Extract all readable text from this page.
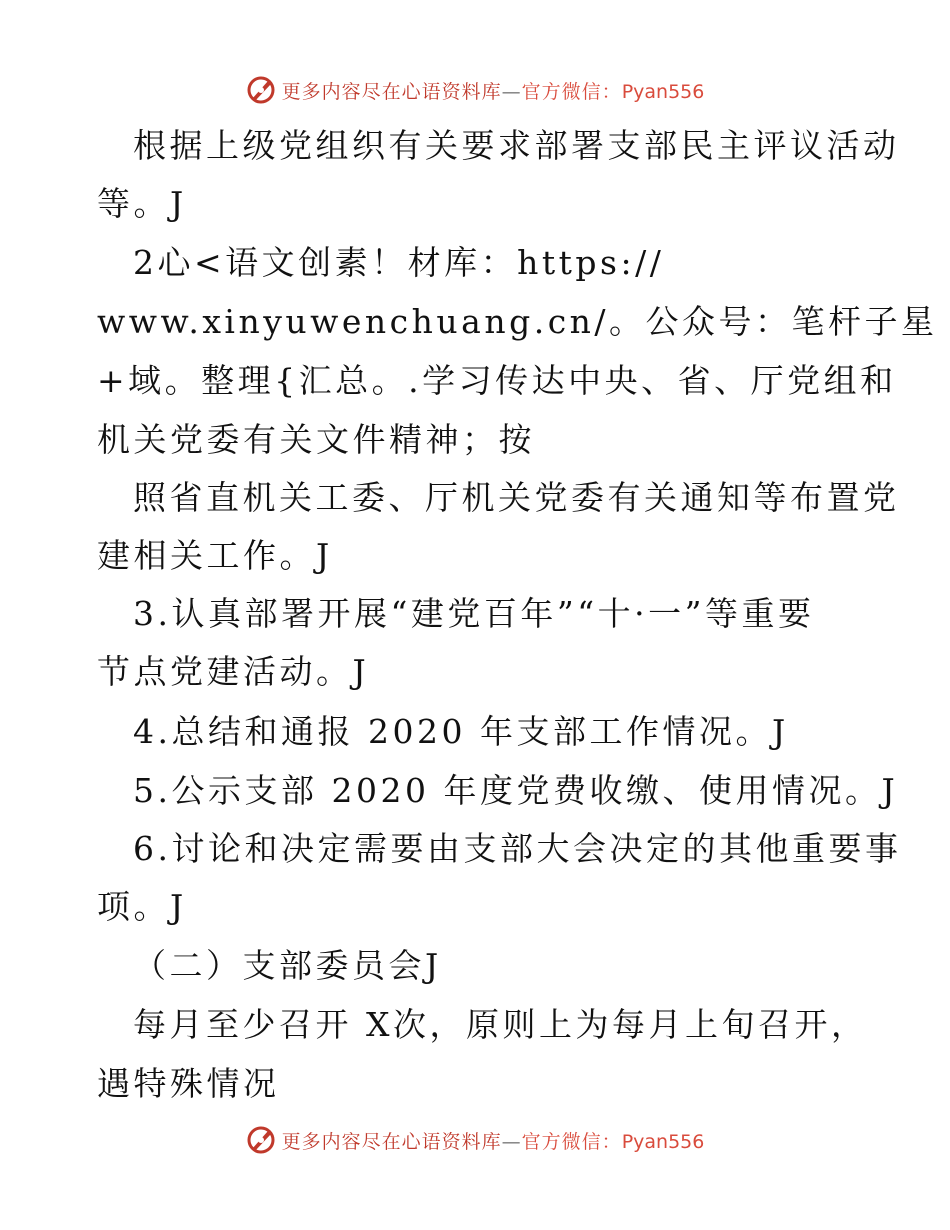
更多内容尽在心语资料库—官方微信：Pyan556
根据上级党组织有关要求部署支部民主评议活动
等。J
2心<语文创素！材库：https://
www.xinyuwenchuang.cn/。公众号：笔杆子星
+域。整理{汇总。.学习传达中央、省、厅党组和
机关党委有关文件精神；按
照省直机关工委、厅机关党委有关通知等布置党
建相关工作。J
3.认真部署开展“建党百年”“十·一”等重要
节点党建活动。J
4.总结和通报 2020 年支部工作情况。J
5.公示支部 2020 年度党费收缴、使用情况。J
6.讨论和决定需要由支部大会决定的其他重要事
项。J
（二）支部委员会J
每月至少召开 X次，原则上为每月上旬召开，
遇特殊情况
更多内容尽在心语资料库—官方微信：Pyan556
